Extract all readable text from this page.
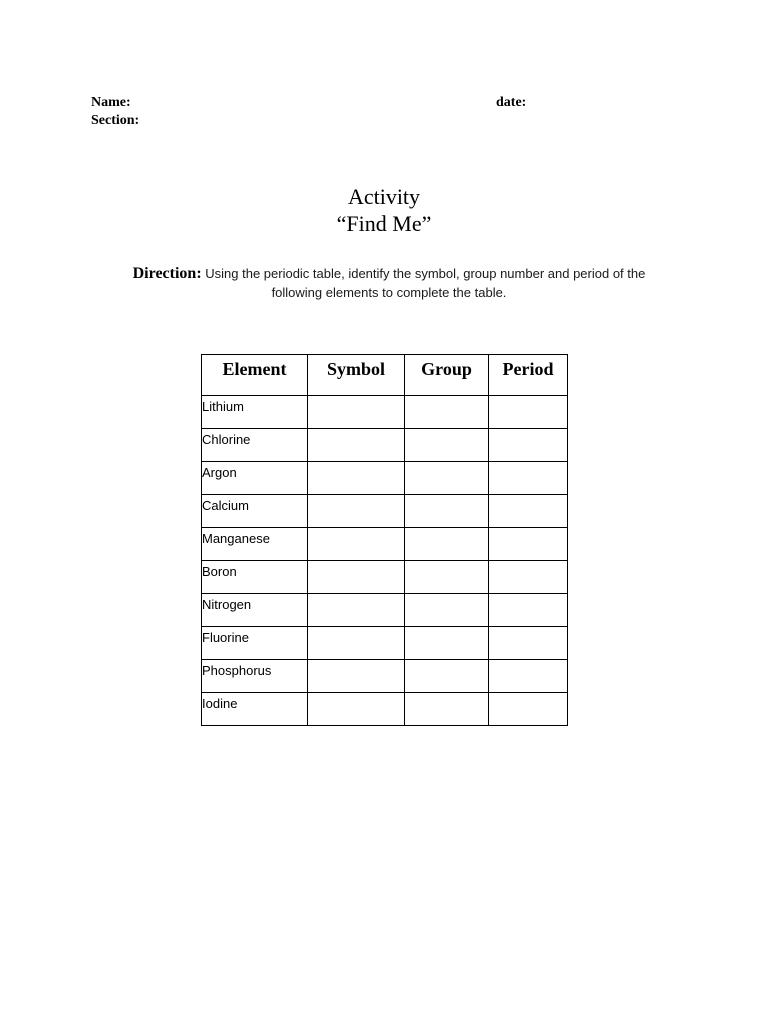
Name:
Section:
date:
Activity
“Find Me”
Direction: Using the periodic table, identify the symbol, group number and period of the
following elements to complete the table.
Element	Symbol	Group	Period
Lithium			
Chlorine			
Argon			
Calcium			
Manganese			
Boron			
Nitrogen			
Fluorine			
Phosphorus			
Iodine			
